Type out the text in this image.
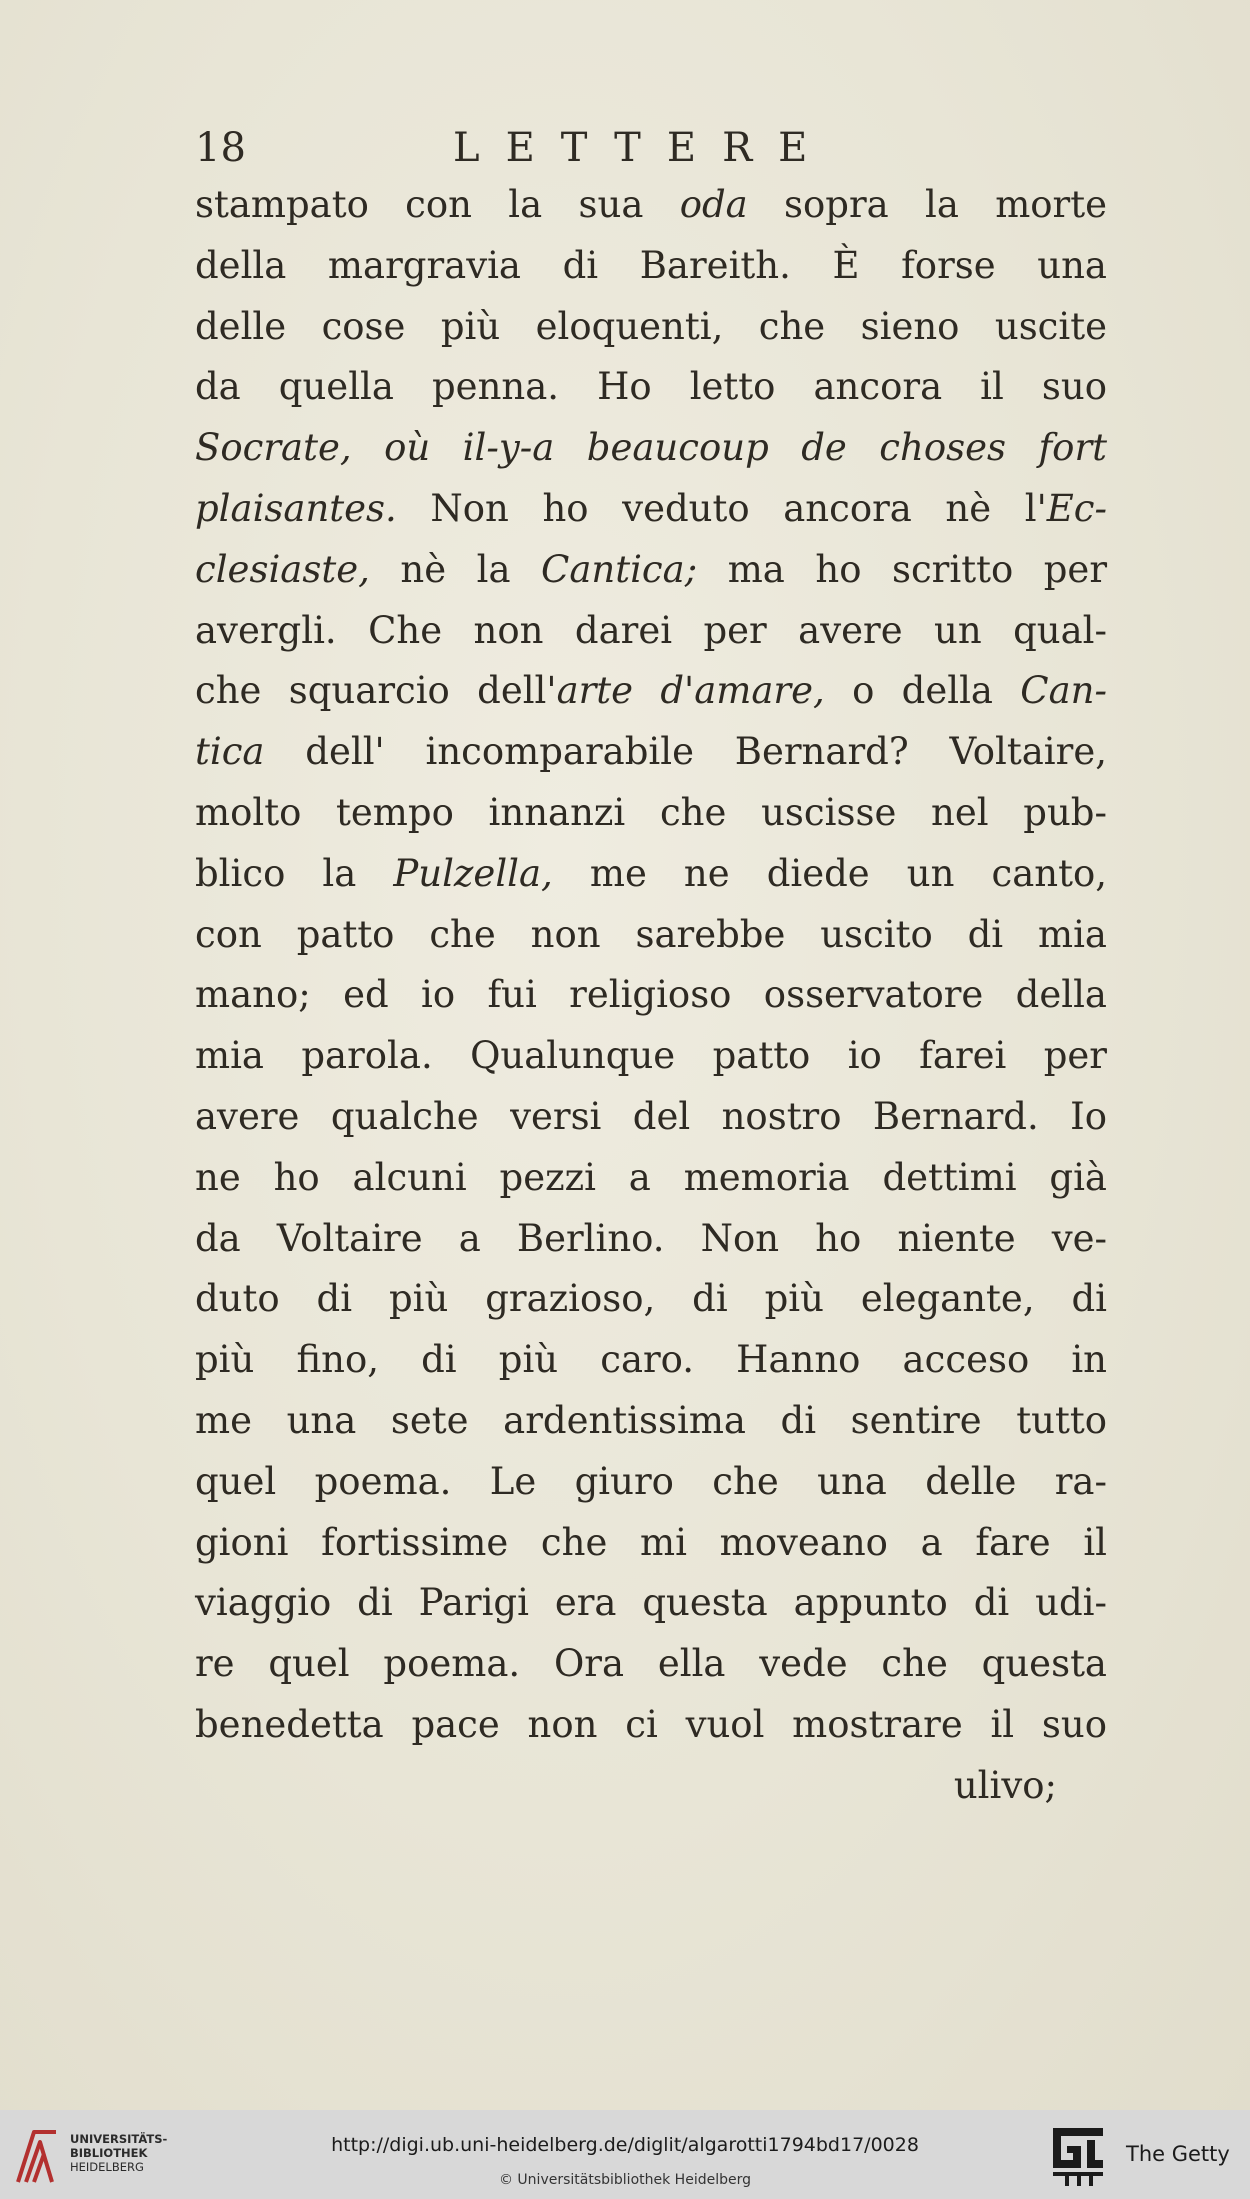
18	LETTERE
stampato con la sua oda sopra la morte
della margravia di Bareith. È forse una
delle cose più eloquenti, che sieno uscite
da quella penna. Ho letto ancora il suo
Socrate, où il-y-a beaucoup de choses fort
plaisantes. Non ho veduto ancora nè l'Ec-
clesiaste, nè la Cantica; ma ho scritto per
avergli. Che non darei per avere un qual-
che squarcio dell'arte d'amare, o della Can-
tica dell' incomparabile Bernard? Voltaire,
molto tempo innanzi che uscisse nel pub-
blico la Pulzella, me ne diede un canto,
con patto che non sarebbe uscito di mia
mano; ed io fui religioso osservatore della
mia parola. Qualunque patto io farei per
avere qualche versi del nostro Bernard. Io
ne ho alcuni pezzi a memoria dettimi già
da Voltaire a Berlino. Non ho niente ve-
duto di più grazioso, di più elegante, di
più fino, di più caro. Hanno acceso in
me una sete ardentissima di sentire tutto
quel poema. Le giuro che una delle ra-
gioni fortissime che mi moveano a fare il
viaggio di Parigi era questa appunto di udi-
re quel poema. Ora ella vede che questa
benedetta pace non ci vuol mostrare il suo
ulivo;
UNIVERSITÄTS-
BIBLIOTHEK
HEIDELBERG
http://digi.ub.uni-heidelberg.de/diglit/algarotti1794bd17/0028
© Universitätsbibliothek Heidelberg
The Getty
